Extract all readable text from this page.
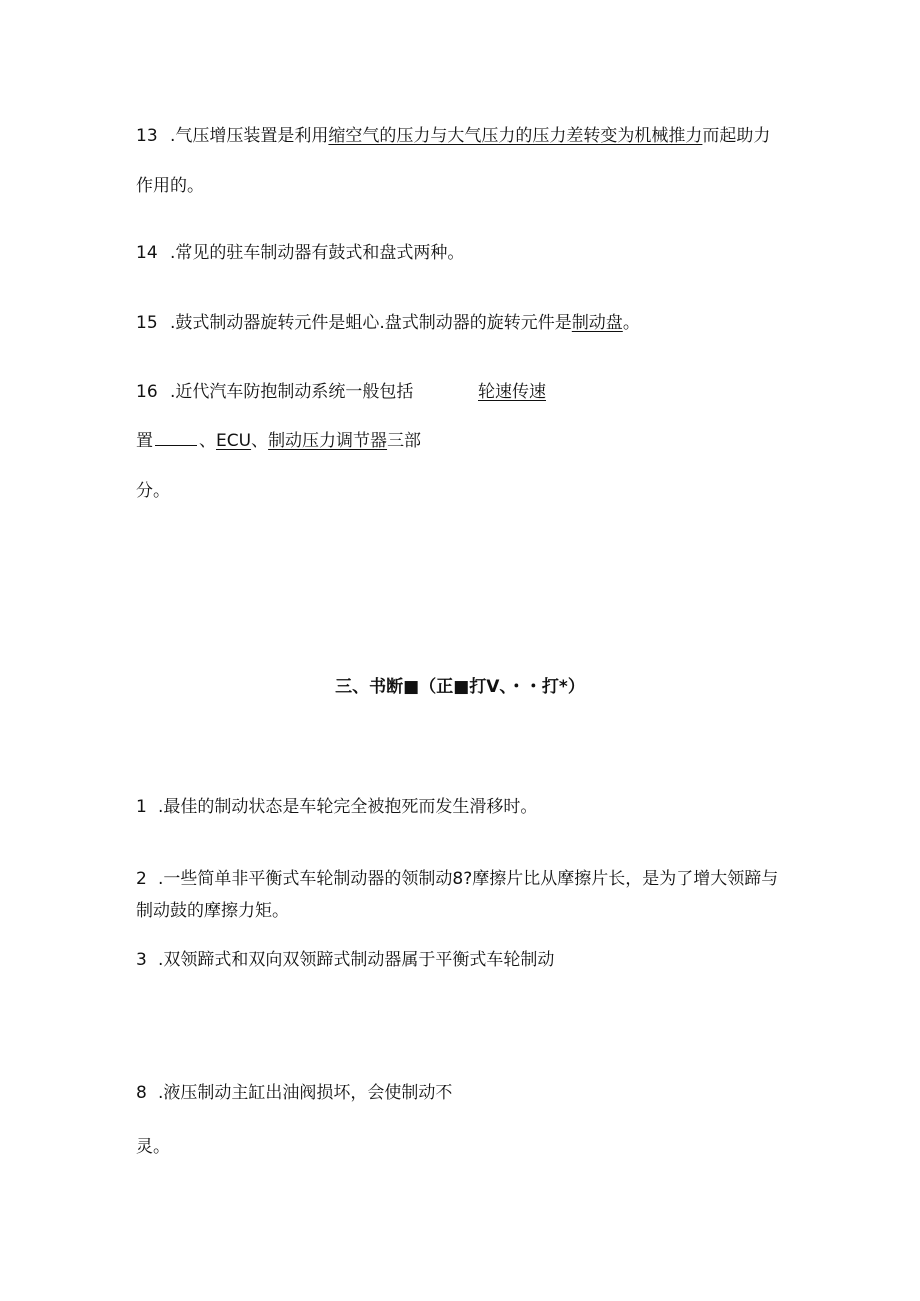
13 .气压增压装置是利用缩空气的压力与大气压力的压力差转变为机械推力而起助力
作用的。
14 .常见的驻车制动器有鼓式和盘式两种。
15 .鼓式制动器旋转元件是蛆心.盘式制动器的旋转元件是制动盘。
16 .近代汽车防抱制动系统一般包括	轮速传速
置	、ECU、制动压力调节器三部
分。
三、书断■（正■打V、・・打*）
1 .最佳的制动状态是车轮完全被抱死而发生滑移时。
2 .一些简单非平衡式车轮制动器的领制动8?摩擦片比从摩擦片长，是为了增大领蹄与
制动鼓的摩擦力矩。
3 .双领蹄式和双向双领蹄式制动器属于平衡式车轮制动
8 .液压制动主缸出油阀损坏，会使制动不
灵。
